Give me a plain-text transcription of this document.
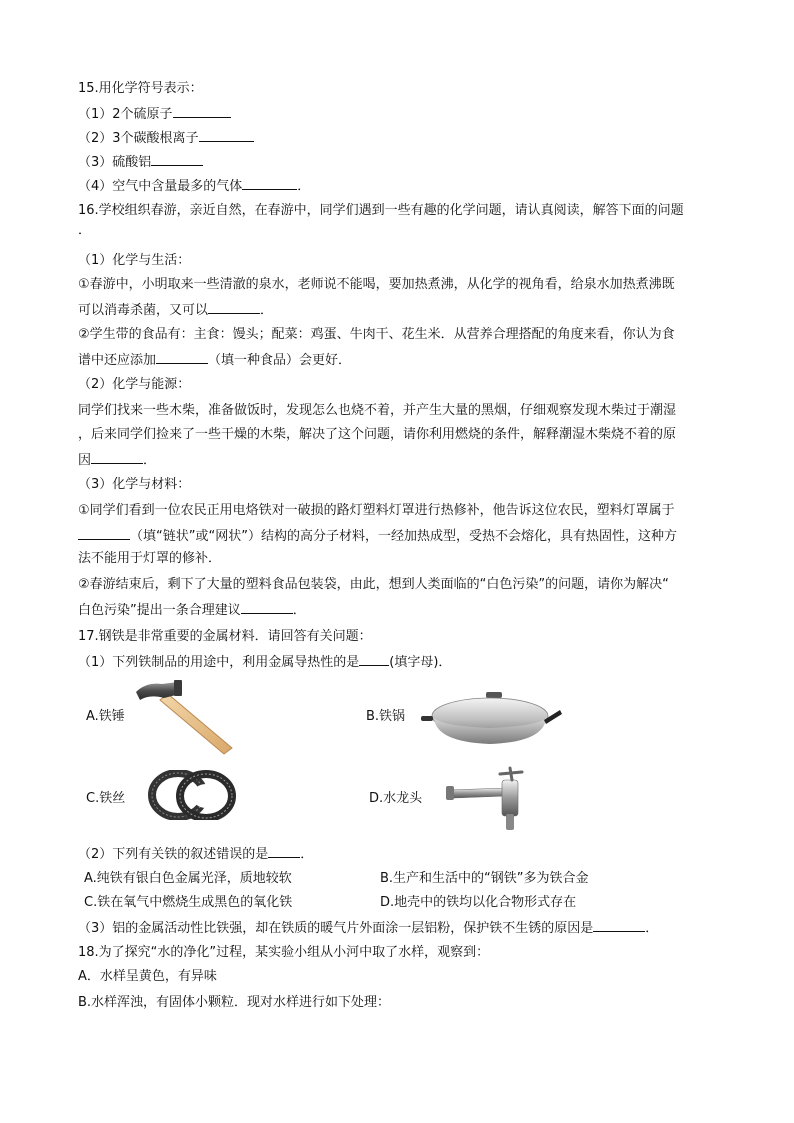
15.用化学符号表示：
（1）2个硫原子
（2）3个碳酸根离子
（3）硫酸铝
（4）空气中含量最多的气体	．
16.学校组织春游，亲近自然，在春游中，同学们遇到一些有趣的化学问题，请认真阅读，解答下面的问题
．
（1）化学与生活：
①春游中，小明取来一些清澈的泉水，老师说不能喝，要加热煮沸，从化学的视角看，给泉水加热煮沸既
可以消毒杀菌，又可以	．
②学生带的食品有：主食：馒头；配菜：鸡蛋、牛肉干、花生米．从营养合理搭配的角度来看，你认为食
谱中还应添加	（填一种食品）会更好．
（2）化学与能源：
同学们找来一些木柴，准备做饭时，发现怎么也烧不着，并产生大量的黑烟，仔细观察发现木柴过于潮湿
，后来同学们捡来了一些干燥的木柴，解决了这个问题，请你利用燃烧的条件，解释潮湿木柴烧不着的原
因	．
（3）化学与材料：
①同学们看到一位农民正用电烙铁对一破损的路灯塑料灯罩进行热修补，他告诉这位农民，塑料灯罩属于
（填“链状”或“网状”）结构的高分子材料，一经加热成型，受热不会熔化，具有热固性，这种方
法不能用于灯罩的修补．
②春游结束后，剩下了大量的塑料食品包装袋，由此，想到人类面临的“白色污染”的问题，请你为解决“
白色污染”提出一条合理建议	．
17.钢铁是非常重要的金属材料．请回答有关问题：
（1）下列铁制品的用途中，利用金属导热性的是 (填字母)．
A.铁锤	B.铁锅
C.铁丝	D.水龙头
（2）下列有关铁的叙述错误的是 ．
A.纯铁有银白色金属光泽，质地较软	B.生产和生活中的“钢铁”多为铁合金
C.铁在氧气中燃烧生成黑色的氧化铁	D.地壳中的铁均以化合物形式存在
（3）铝的金属活动性比铁强，却在铁质的暖气片外面涂一层铝粉，保护铁不生锈的原因是	．
18.为了探究“水的净化”过程，某实验小组从小河中取了水样，观察到：
A．水样呈黄色，有异味
B.水样浑浊，有固体小颗粒．现对水样进行如下处理：
